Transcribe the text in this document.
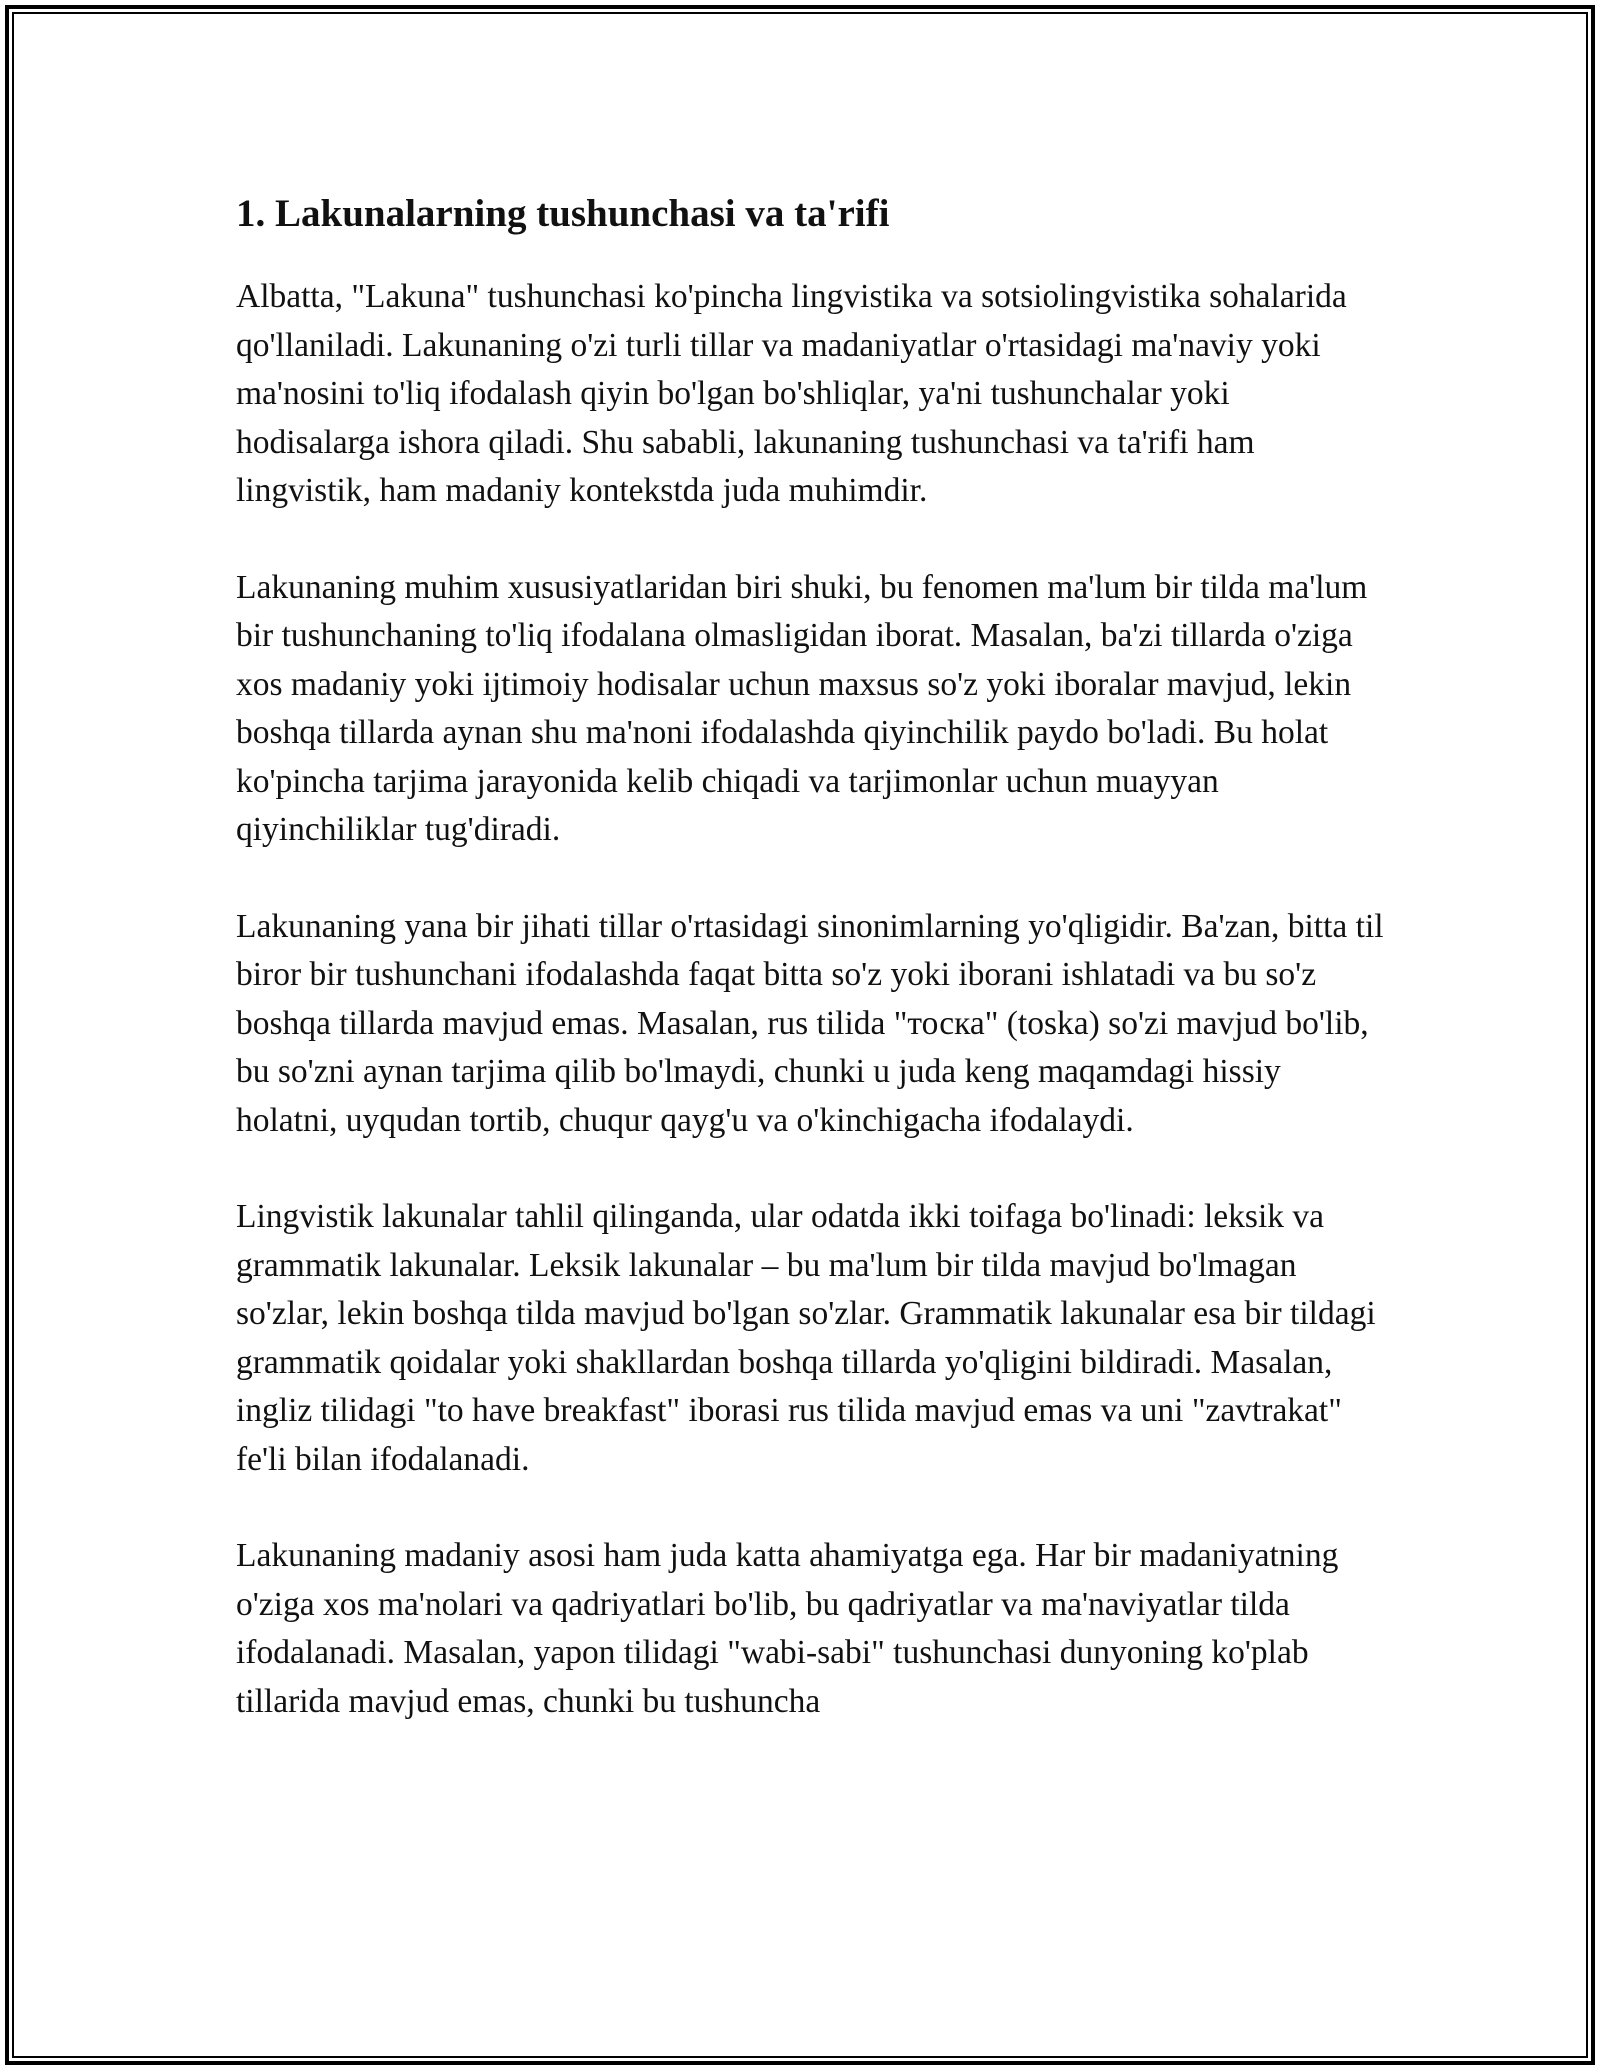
1. Lakunalarning tushunchasi va ta'rifi

Albatta, "Lakuna" tushunchasi ko'pincha lingvistika va sotsiolingvistika sohalarida qo'llaniladi. Lakunaning o'zi turli tillar va madaniyatlar o'rtasidagi ma'naviy yoki ma'nosini to'liq ifodalash qiyin bo'lgan bo'shliqlar, ya'ni tushunchalar yoki hodisalarga ishora qiladi. Shu sababli, lakunaning tushunchasi va ta'rifi ham lingvistik, ham madaniy kontekstda juda muhimdir.

Lakunaning muhim xususiyatlaridan biri shuki, bu fenomen ma'lum bir tilda ma'lum bir tushunchaning to'liq ifodalana olmasligidan iborat. Masalan, ba'zi tillarda o'ziga xos madaniy yoki ijtimoiy hodisalar uchun maxsus so'z yoki iboralar mavjud, lekin boshqa tillarda aynan shu ma'noni ifodalashda qiyinchilik paydo bo'ladi. Bu holat ko'pincha tarjima jarayonida kelib chiqadi va tarjimonlar uchun muayyan qiyinchiliklar tug'diradi.

Lakunaning yana bir jihati tillar o'rtasidagi sinonimlarning yo'qligidir. Ba'zan, bitta til biror bir tushunchani ifodalashda faqat bitta so'z yoki iborani ishlatadi va bu so'z boshqa tillarda mavjud emas. Masalan, rus tilida "тоска" (toska) so'zi mavjud bo'lib, bu so'zni aynan tarjima qilib bo'lmaydi, chunki u juda keng maqamdagi hissiy holatni, uyqudan tortib, chuqur qayg'u va o'kinchigacha ifodalaydi.

Lingvistik lakunalar tahlil qilinganda, ular odatda ikki toifaga bo'linadi: leksik va grammatik lakunalar. Leksik lakunalar – bu ma'lum bir tilda mavjud bo'lmagan so'zlar, lekin boshqa tilda mavjud bo'lgan so'zlar. Grammatik lakunalar esa bir tildagi grammatik qoidalar yoki shakllardan boshqa tillarda yo'qligini bildiradi. Masalan, ingliz tilidagi "to have breakfast" iborasi rus tilida mavjud emas va uni "zavtrakat" fe'li bilan ifodalanadi.

Lakunaning madaniy asosi ham juda katta ahamiyatga ega. Har bir madaniyatning o'ziga xos ma'nolari va qadriyatlari bo'lib, bu qadriyatlar va ma'naviyatlar tilda ifodalanadi. Masalan, yapon tilidagi "wabi-sabi" tushunchasi dunyoning ko'plab tillarida mavjud emas, chunki bu tushuncha
